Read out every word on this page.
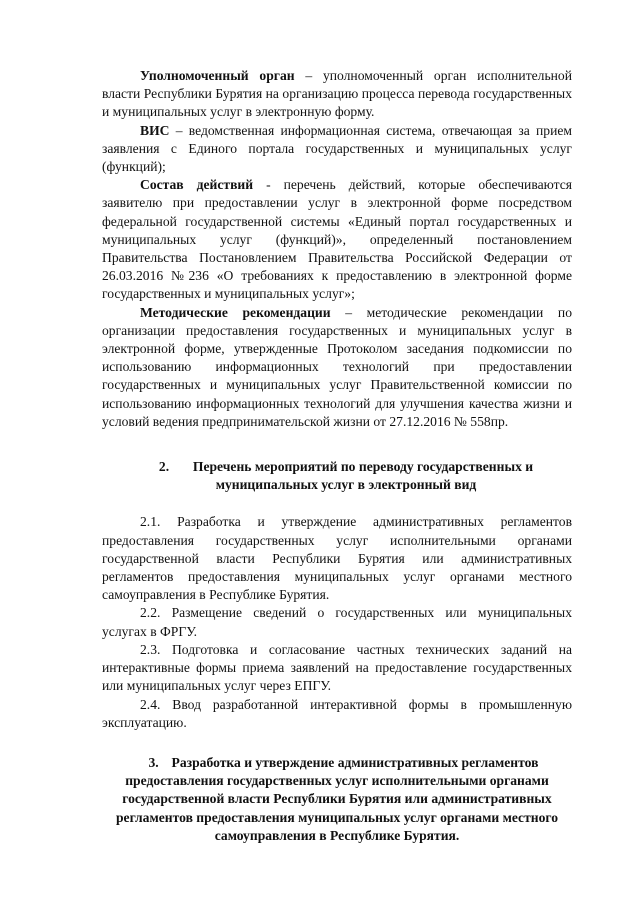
Уполномоченный орган – уполномоченный орган исполнительной власти Республики Бурятия на организацию процесса перевода государственных и муниципальных услуг в электронную форму.

ВИС – ведомственная информационная система, отвечающая за прием заявления с Единого портала государственных и муниципальных услуг (функций);

Состав действий - перечень действий, которые обеспечиваются заявителю при предоставлении услуг в электронной форме посредством федеральной государственной системы «Единый портал государственных и муниципальных услуг (функций)», определенный постановлением Правительства Постановлением Правительства Российской Федерации от 26.03.2016 №236 «О требованиях к предоставлению в электронной форме государственных и муниципальных услуг»;

Методические рекомендации – методические рекомендации по организации предоставления государственных и муниципальных услуг в электронной форме, утвержденные Протоколом заседания подкомиссии по использованию информационных технологий при предоставлении государственных и муниципальных услуг Правительственной комиссии по использованию информационных технологий для улучшения качества жизни и условий ведения предпринимательской жизни от 27.12.2016 № 558пр.

2. Перечень мероприятий по переводу государственных и муниципальных услуг в электронный вид

2.1. Разработка и утверждение административных регламентов предоставления государственных услуг исполнительными органами государственной власти Республики Бурятия или административных регламентов предоставления муниципальных услуг органами местного самоуправления в Республике Бурятия.

2.2. Размещение сведений о государственных или муниципальных услугах в ФРГУ.

2.3. Подготовка и согласование частных технических заданий на интерактивные формы приема заявлений на предоставление государственных или муниципальных услуг через ЕПГУ.

2.4. Ввод разработанной интерактивной формы в промышленную эксплуатацию.

3. Разработка и утверждение административных регламентов предоставления государственных услуг исполнительными органами государственной власти Республики Бурятия или административных регламентов предоставления муниципальных услуг органами местного самоуправления в Республике Бурятия.
